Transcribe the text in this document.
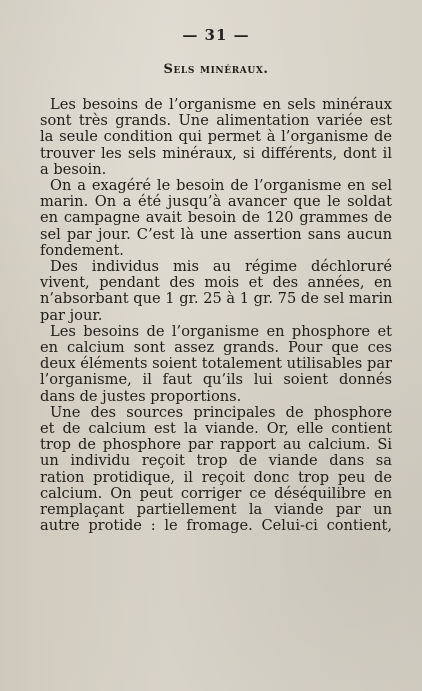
— 31 —
Sels minéraux.

Les besoins de l’organisme en sels minéraux
sont très grands. Une alimentation variée est
la seule condition qui permet à l’organisme de
trouver les sels minéraux, si différents, dont il
a besoin.

On a exagéré le besoin de l’organisme en sel
marin. On a été jusqu’à avancer que le soldat
en campagne avait besoin de 120 grammes de
sel par jour. C’est là une assertion sans aucun
fondement.

Des individus mis au régime déchloruré
vivent, pendant des mois et des années, en
n’absorbant que 1 gr. 25 à 1 gr. 75 de sel marin
par jour.

Les besoins de l’organisme en phosphore et
en calcium sont assez grands. Pour que ces
deux éléments soient totalement utilisables par
l’organisme, il faut qu’ils lui soient donnés
dans de justes proportions.

Une des sources principales de phosphore
et de calcium est la viande. Or, elle contient
trop de phosphore par rapport au calcium. Si
un individu reçoit trop de viande dans sa
ration protidique, il reçoit donc trop peu de
calcium. On peut corriger ce déséquilibre en
remplaçant partiellement la viande par un
autre protide : le fromage. Celui-ci contient,
